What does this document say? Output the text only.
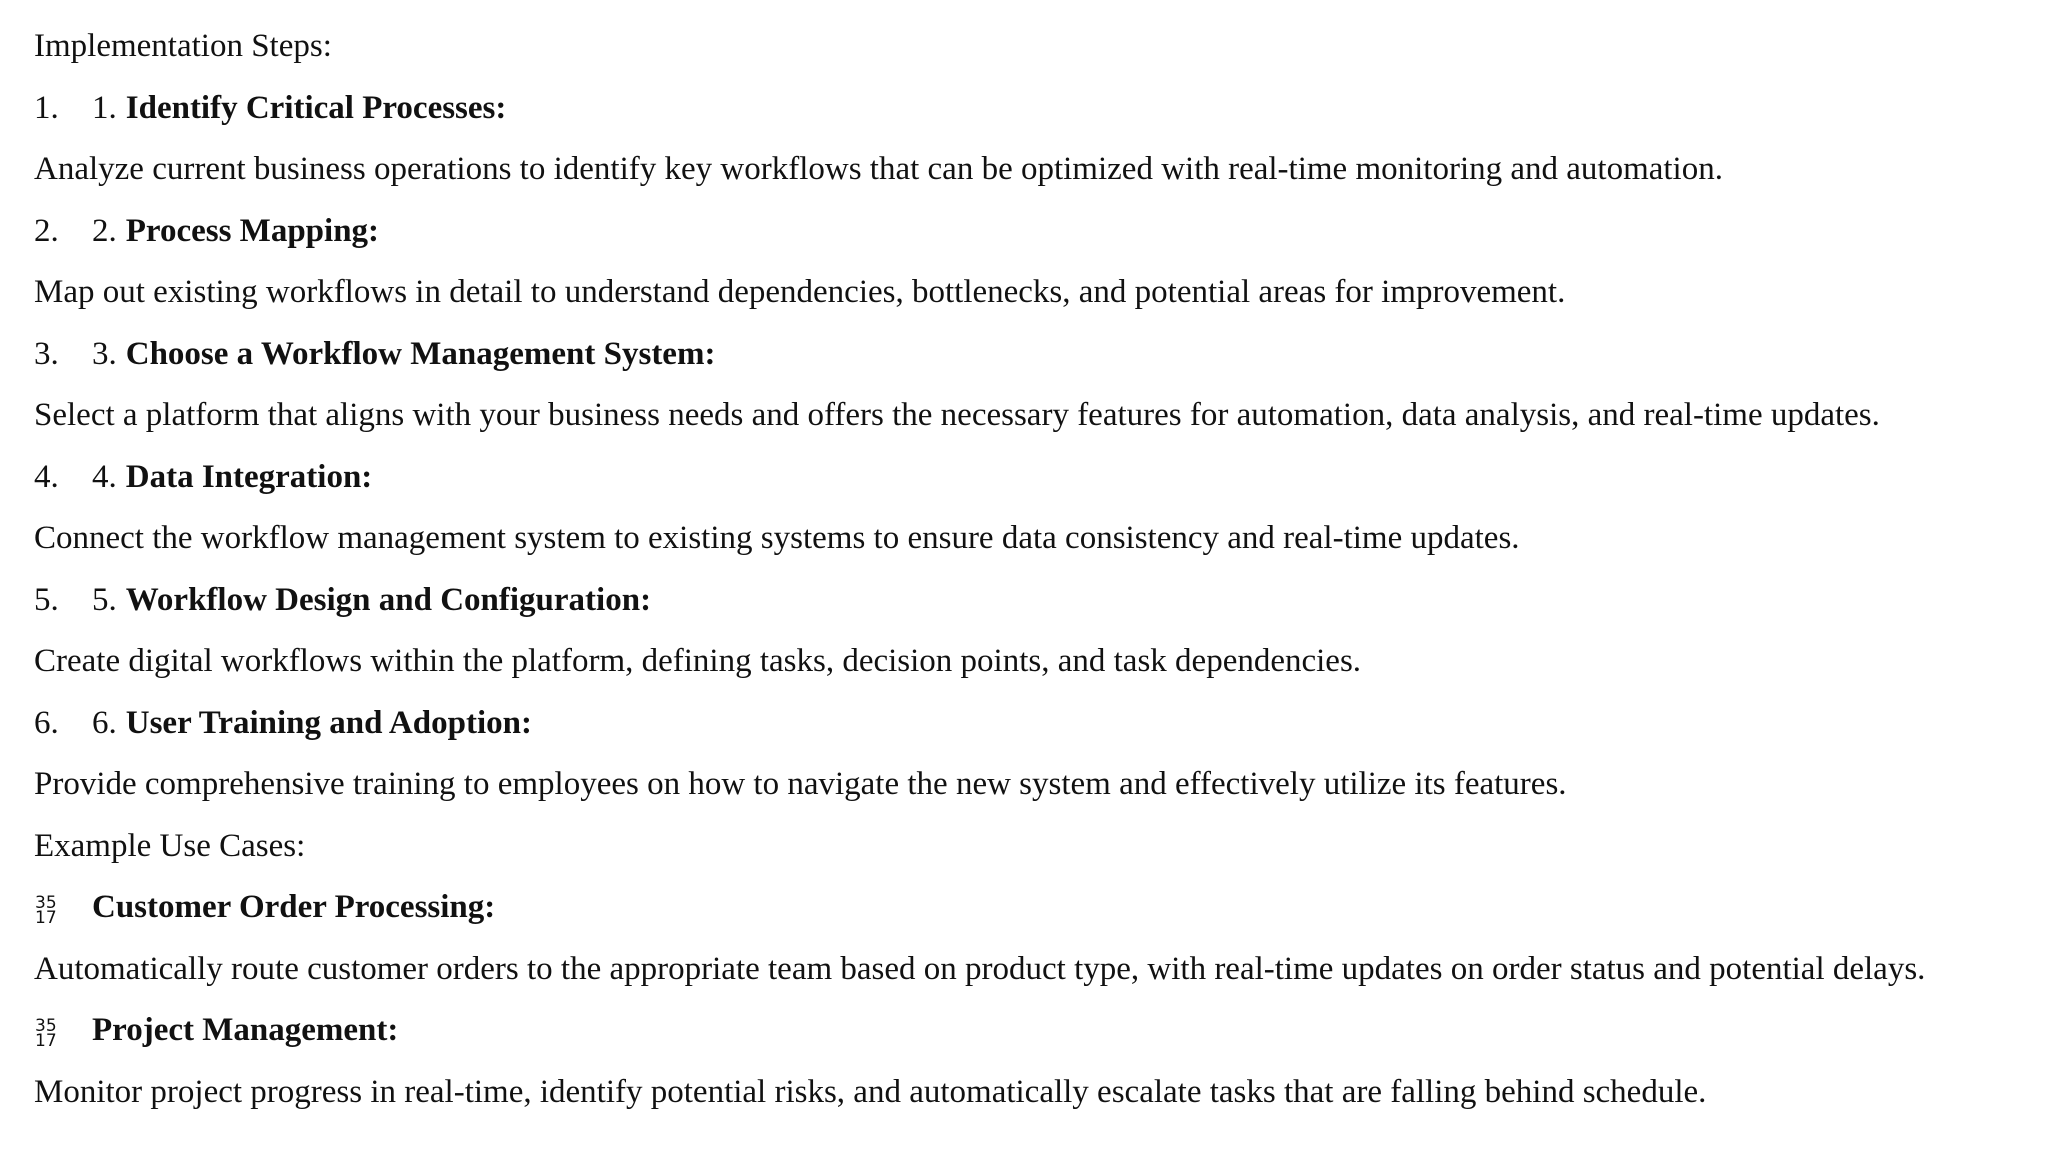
Implementation Steps:
1. 1. Identify Critical Processes:
Analyze current business operations to identify key workflows that can be optimized with real-time monitoring and automation.
2. 2. Process Mapping:
Map out existing workflows in detail to understand dependencies, bottlenecks, and potential areas for improvement.
3. 3. Choose a Workflow Management System:
Select a platform that aligns with your business needs and offers the necessary features for automation, data analysis, and real-time updates.
4. 4. Data Integration:
Connect the workflow management system to existing systems to ensure data consistency and real-time updates.
5. 5. Workflow Design and Configuration:
Create digital workflows within the platform, defining tasks, decision points, and task dependencies.
6. 6. User Training and Adoption:
Provide comprehensive training to employees on how to navigate the new system and effectively utilize its features.
Example Use Cases:
35
17 Customer Order Processing:
Automatically route customer orders to the appropriate team based on product type, with real-time updates on order status and potential delays.
35
17 Project Management:
Monitor project progress in real-time, identify potential risks, and automatically escalate tasks that are falling behind schedule.
